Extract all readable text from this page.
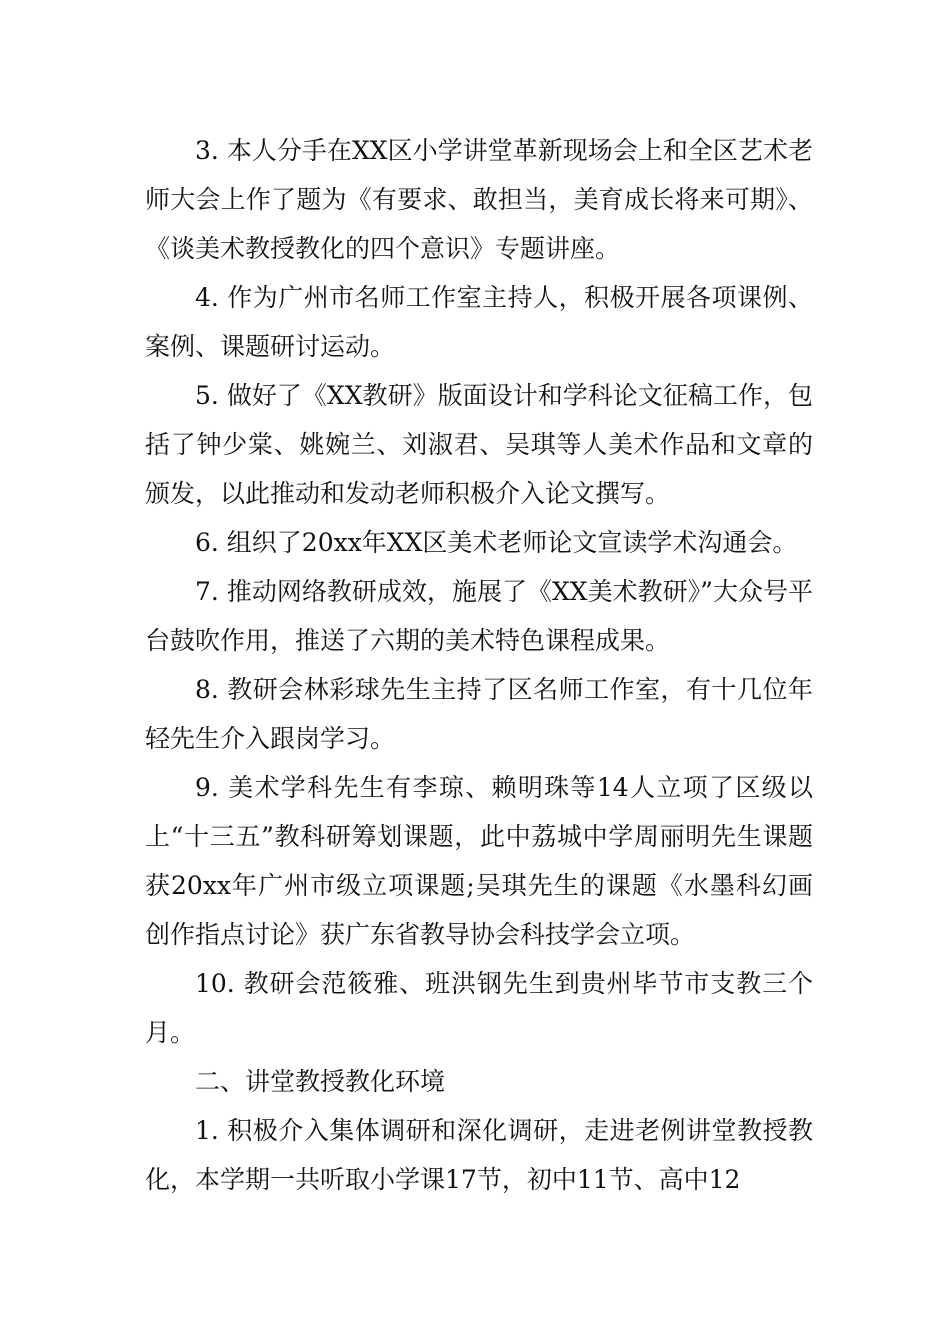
3. 本人分手在XX区小学讲堂革新现场会上和全区艺术老师大会上作了题为《有要求、敢担当，美育成长将来可期》、《谈美术教授教化的四个意识》专题讲座。

4. 作为广州市名师工作室主持人，积极开展各项课例、案例、课题研讨运动。

5. 做好了《XX教研》版面设计和学科论文征稿工作，包括了钟少棠、姚婉兰、刘淑君、吴琪等人美术作品和文章的颁发，以此推动和发动老师积极介入论文撰写。

6. 组织了20xx年XX区美术老师论文宣读学术沟通会。

7. 推动网络教研成效，施展了《XX美术教研》”大众号平台鼓吹作用，推送了六期的美术特色课程成果。

8. 教研会林彩球先生主持了区名师工作室，有十几位年轻先生介入跟岗学习。

9. 美术学科先生有李琼、赖明珠等14人立项了区级以上“十三五”教科研筹划课题，此中荔城中学周丽明先生课题获20xx年广州市级立项课题;吴琪先生的课题《水墨科幻画创作指点讨论》获广东省教导协会科技学会立项。

10. 教研会范筱雅、班洪钢先生到贵州毕节市支教三个月。

二、讲堂教授教化环境

1. 积极介入集体调研和深化调研，走进老例讲堂教授教化，本学期一共听取小学课17节，初中11节、高中12
